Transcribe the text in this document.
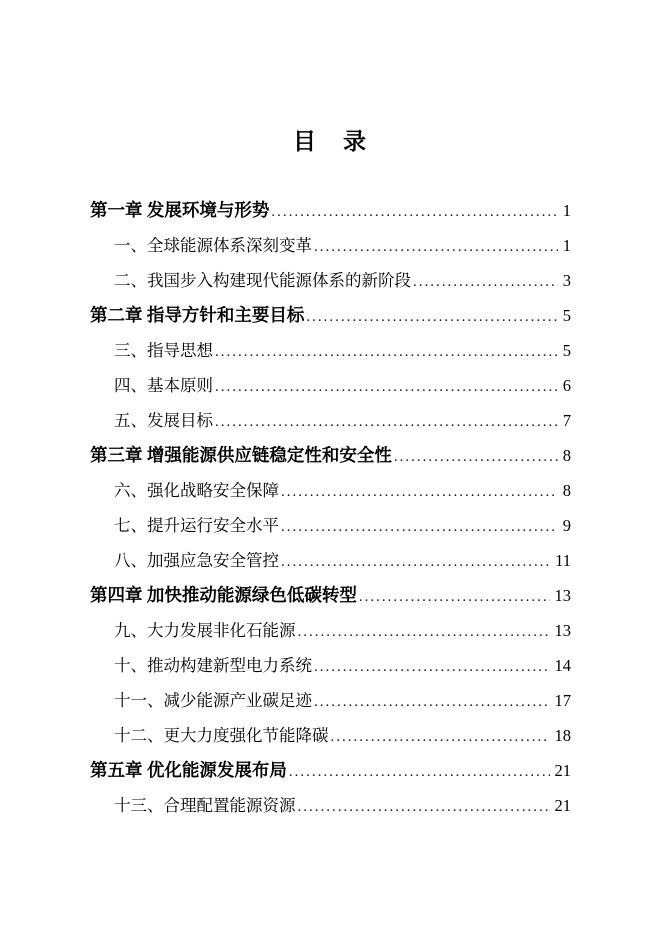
目　录
第一章 发展环境与形势 .....	1
一、全球能源体系深刻变革 .....	1
二、我国步入构建现代能源体系的新阶段 .....	3
第二章 指导方针和主要目标 .....	5
三、指导思想 .....	5
四、基本原则 .....	6
五、发展目标 .....	7
第三章 增强能源供应链稳定性和安全性 .....	8
六、强化战略安全保障 .....	8
七、提升运行安全水平 .....	9
八、加强应急安全管控 .....	11
第四章 加快推动能源绿色低碳转型 .....	13
九、大力发展非化石能源 .....	13
十、推动构建新型电力系统 .....	14
十一、减少能源产业碳足迹 .....	17
十二、更大力度强化节能降碳 .....	18
第五章 优化能源发展布局 .....	21
十三、合理配置能源资源 .....	21
